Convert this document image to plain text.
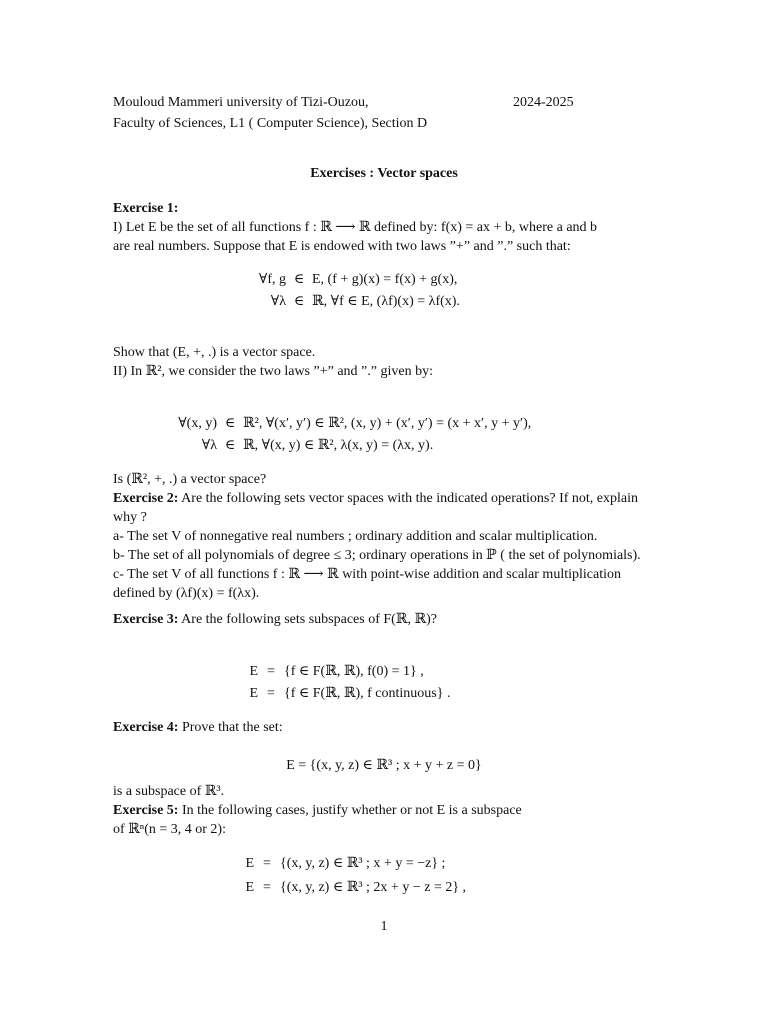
Mouloud Mammeri university of Tizi-Ouzou,	2024-2025
Faculty of Sciences, L1 ( Computer Science), Section D
Exercises : Vector spaces
Exercise 1:
I) Let E be the set of all functions f : ℝ ⟶ ℝ defined by: f(x) = ax + b, where a and b
are real numbers. Suppose that E is endowed with two laws ”+” and ”.” such that:
∀f, g ∈ E, (f + g)(x) = f(x) + g(x),
∀λ ∈ ℝ, ∀f ∈ E, (λf)(x) = λf(x).
Show that (E, +, .) is a vector space.
II) In ℝ², we consider the two laws ”+” and ”.” given by:
∀(x, y) ∈ ℝ², ∀(x′, y′) ∈ ℝ², (x, y) + (x′, y′) = (x + x′, y + y′),
∀λ ∈ ℝ, ∀(x, y) ∈ ℝ², λ(x, y) = (λx, y).
Is (ℝ², +, .) a vector space?
Exercise 2: Are the following sets vector spaces with the indicated operations? If not, explain
why ?
a- The set V of nonnegative real numbers ; ordinary addition and scalar multiplication.
b- The set of all polynomials of degree ≤ 3; ordinary operations in ℙ ( the set of polynomials).
c- The set V of all functions f : ℝ ⟶ ℝ with point-wise addition and scalar multiplication
defined by (λf)(x) = f(λx).
Exercise 3: Are the following sets subspaces of F(ℝ, ℝ)?
E = {f ∈ F(ℝ, ℝ), f(0) = 1} ,
E = {f ∈ F(ℝ, ℝ), f continuous} .
Exercise 4: Prove that the set:
E = {(x, y, z) ∈ ℝ³ ; x + y + z = 0}
is a subspace of ℝ³.
Exercise 5: In the following cases, justify whether or not E is a subspace
of ℝⁿ(n = 3, 4 or 2):
E = {(x, y, z) ∈ ℝ³ ; x + y = −z} ;
E = {(x, y, z) ∈ ℝ³ ; 2x + y − z = 2} ,
1
